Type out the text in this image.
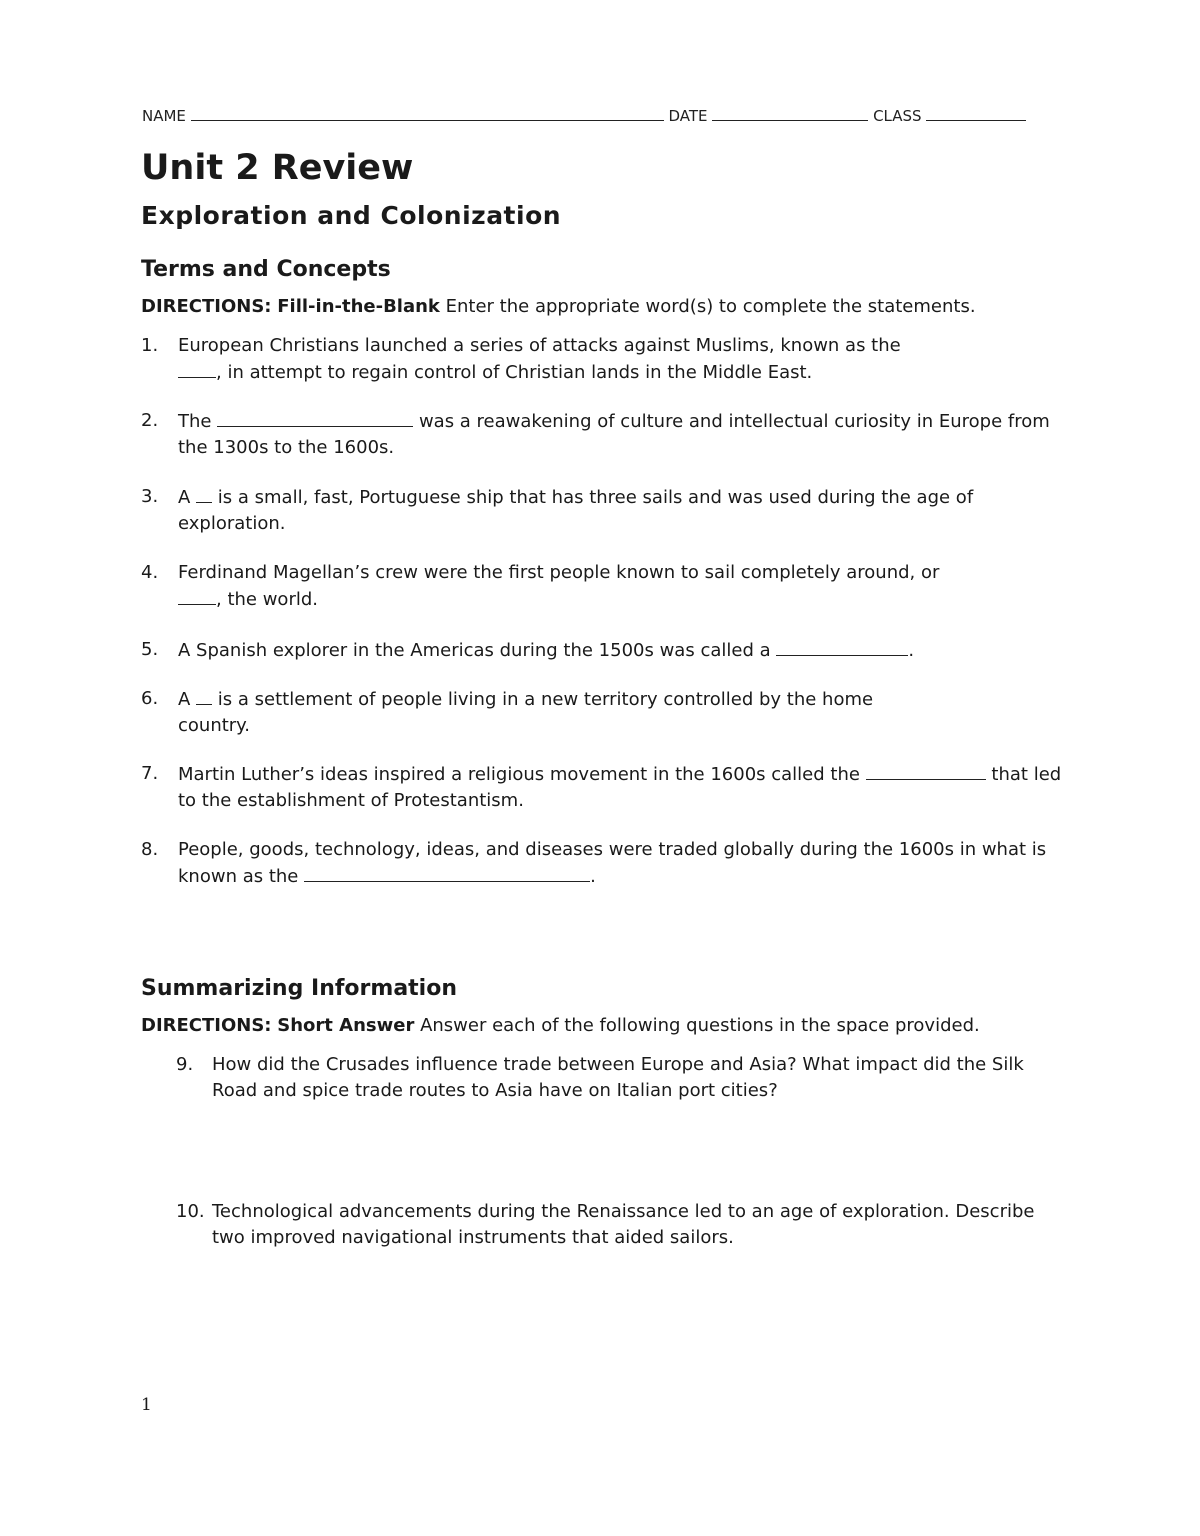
NAME	DATE	CLASS
Unit 2 Review
Exploration and Colonization
Terms and Concepts
DIRECTIONS: Fill-in-the-Blank Enter the appropriate word(s) to complete the statements.
1. European Christians launched a series of attacks against Muslims, known as the
, in attempt to regain control of Christian lands in the Middle East.
2. The	was a reawakening of culture and intellectual curiosity in Europe from the 1300s to the 1600s.
3. A is a small, fast, Portuguese ship that has three sails and was used during the age of exploration.
4. Ferdinand Magellan’s crew were the first people known to sail completely around, or
, the world.
5. A Spanish explorer in the Americas during the 1500s was called a	.
6. A is a settlement of people living in a new territory controlled by the home country.
7. Martin Luther’s ideas inspired a religious movement in the 1600s called the	that led to the establishment of Protestantism.
8. People, goods, technology, ideas, and diseases were traded globally during the 1600s in what is known as the	.
Summarizing Information
DIRECTIONS: Short Answer Answer each of the following questions in the space provided.
9. How did the Crusades influence trade between Europe and Asia? What impact did the Silk Road and spice trade routes to Asia have on Italian port cities?
10. Technological advancements during the Renaissance led to an age of exploration. Describe two improved navigational instruments that aided sailors.
1
